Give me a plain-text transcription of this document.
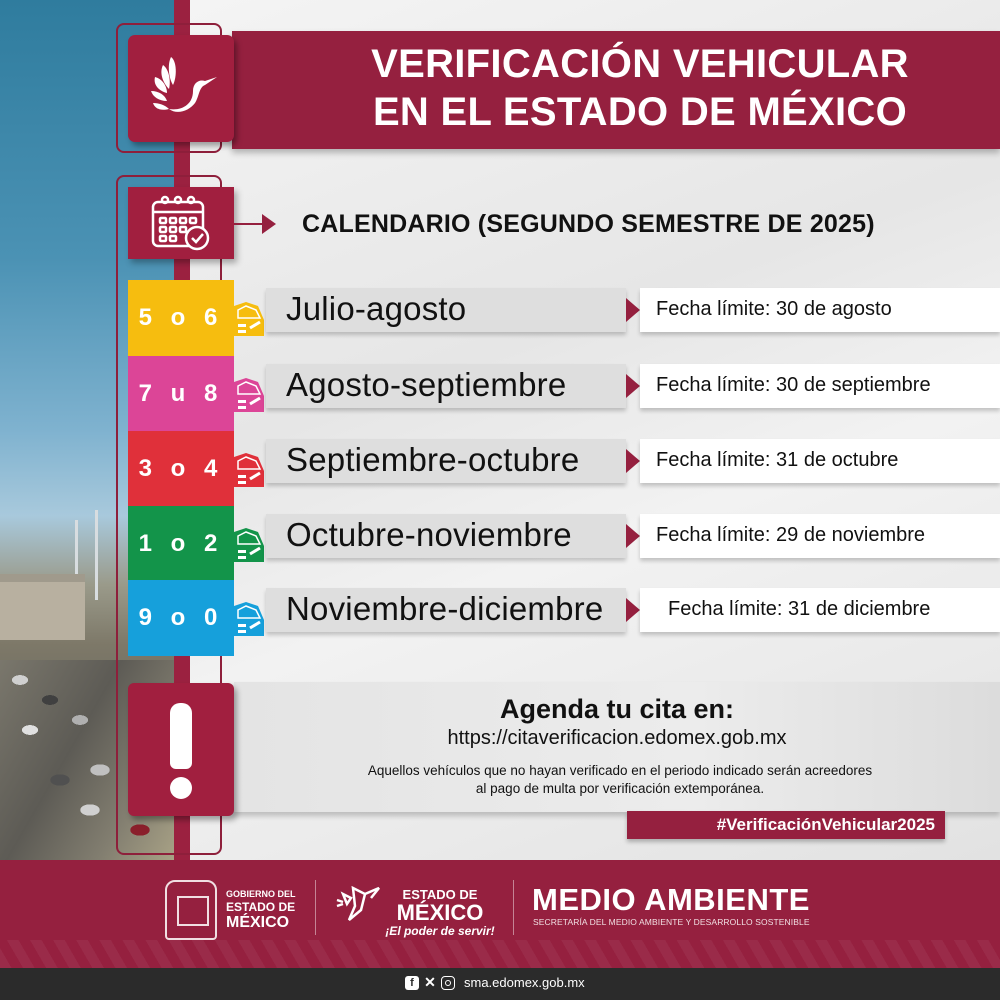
VERIFICACIÓN VEHICULAR
EN EL ESTADO DE MÉXICO
CALENDARIO (SEGUNDO SEMESTRE DE 2025)
5 o 6	Julio-agosto	Fecha límite: 30 de agosto
7 u 8	Agosto-septiembre	Fecha límite: 30 de septiembre
3 o 4	Septiembre-octubre	Fecha límite: 31 de octubre
1 o 2	Octubre-noviembre	Fecha límite: 29 de noviembre
9 o 0	Noviembre-diciembre	Fecha límite: 31 de diciembre
Agenda tu cita en:
https://citaverificacion.edomex.gob.mx
Aquellos vehículos que no hayan verificado en el periodo indicado serán acreedores
al pago de multa por verificación extemporánea.
#VerificaciónVehicular2025
GOBIERNO DEL
ESTADO DE
MÉXICO
ESTADO DE
MÉXICO
¡El poder de servir!
MEDIO AMBIENTE
SECRETARÍA DEL MEDIO AMBIENTE Y DESARROLLO SOSTENIBLE
f ✕ sma.edomex.gob.mx
